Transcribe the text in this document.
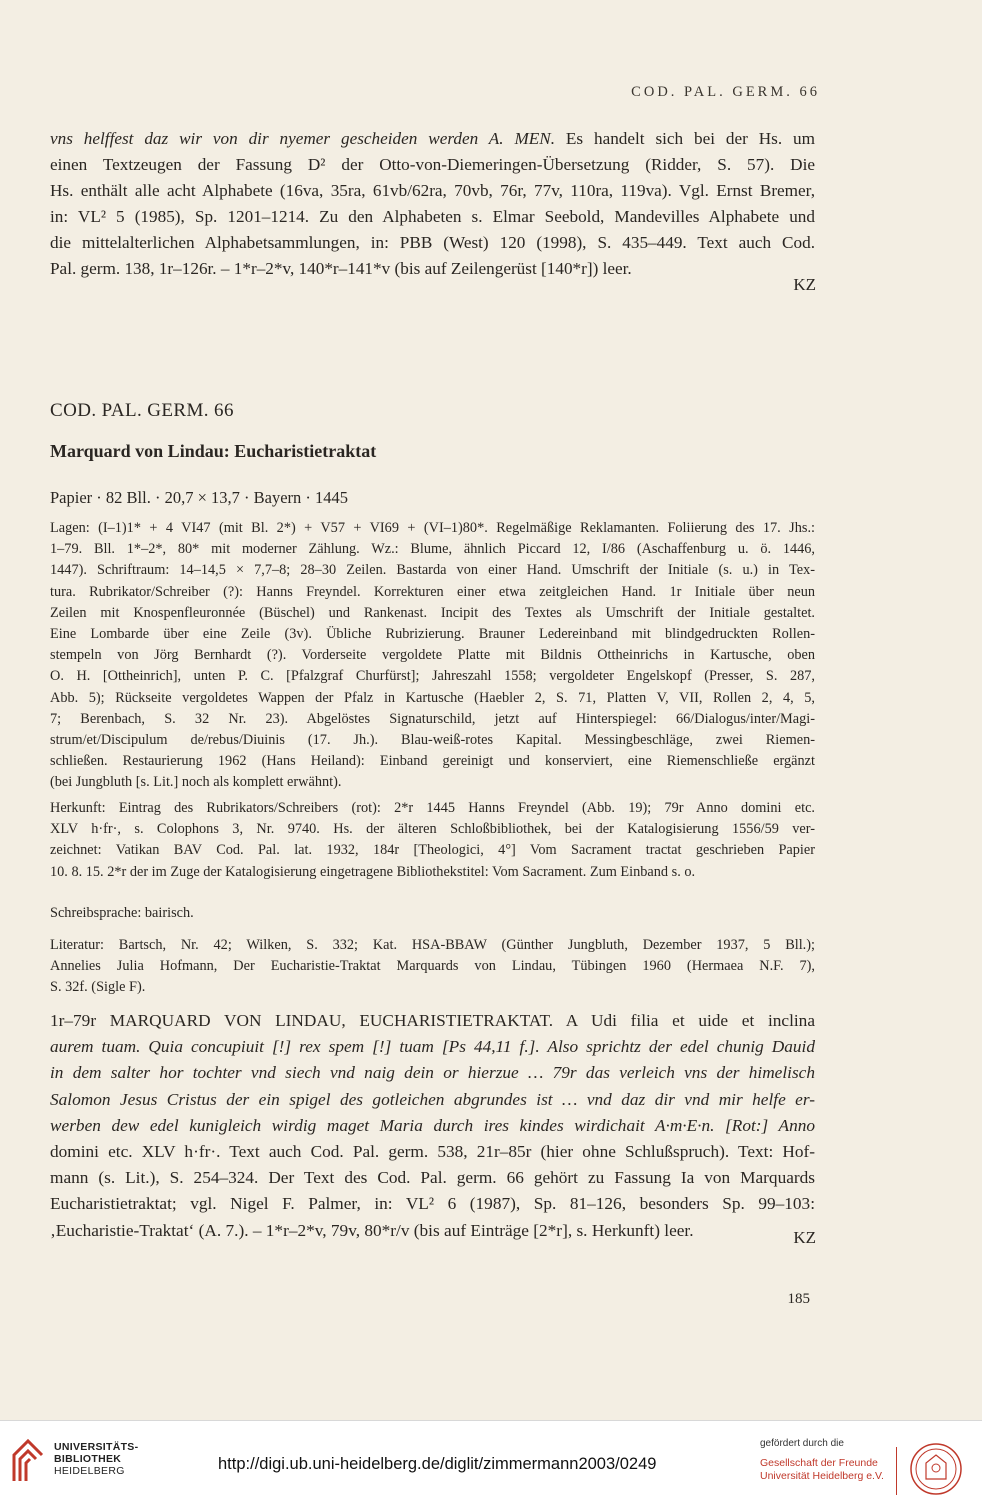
COD. PAL. GERM. 66
vns helffest daz wir von dir nyemer gescheiden werden A. MEN. Es handelt sich bei der Hs. um
einen Textzeugen der Fassung D² der Otto-von-Diemeringen-Übersetzung (Ridder, S. 57). Die
Hs. enthält alle acht Alphabete (16va, 35ra, 61vb/62ra, 70vb, 76r, 77v, 110ra, 119va). Vgl. Ernst Bremer,
in: VL² 5 (1985), Sp. 1201–1214. Zu den Alphabeten s. Elmar Seebold, Mandevilles Alphabete und
die mittelalterlichen Alphabetsammlungen, in: PBB (West) 120 (1998), S. 435–449. Text auch Cod.
Pal. germ. 138, 1r–126r. – 1*r–2*v, 140*r–141*v (bis auf Zeilengerüst [140*r]) leer.
KZ
COD. PAL. GERM. 66
Marquard von Lindau: Eucharistietraktat
Papier · 82 Bll. · 20,7 × 13,7 · Bayern · 1445
Lagen: (I–1)1* + 4 VI47 (mit Bl. 2*) + V57 + VI69 + (VI–1)80*. Regelmäßige Reklamanten. Foliierung des 17. Jhs.:
1–79. Bll. 1*–2*, 80* mit moderner Zählung. Wz.: Blume, ähnlich Piccard 12, I/86 (Aschaffenburg u. ö. 1446,
1447). Schriftraum: 14–14,5 × 7,7–8; 28–30 Zeilen. Bastarda von einer Hand. Umschrift der Initiale (s. u.) in Tex-
tura. Rubrikator/Schreiber (?): Hanns Freyndel. Korrekturen einer etwa zeitgleichen Hand. 1r Initiale über neun
Zeilen mit Knospenfleuronnée (Büschel) und Rankenast. Incipit des Textes als Umschrift der Initiale gestaltet.
Eine Lombarde über eine Zeile (3v). Übliche Rubrizierung. Brauner Ledereinband mit blindgedruckten Rollen-
stempeln von Jörg Bernhardt (?). Vorderseite vergoldete Platte mit Bildnis Ottheinrichs in Kartusche, oben
O. H. [Ottheinrich], unten P. C. [Pfalzgraf Churfürst]; Jahreszahl 1558; vergoldeter Engelskopf (Presser, S. 287,
Abb. 5); Rückseite vergoldetes Wappen der Pfalz in Kartusche (Haebler 2, S. 71, Platten V, VII, Rollen 2, 4, 5,
7; Berenbach, S. 32 Nr. 23). Abgelöstes Signaturschild, jetzt auf Hinterspiegel: 66/Dialogus/inter/Magi-
strum/et/Discipulum de/rebus/Diuinis (17. Jh.). Blau-weiß-rotes Kapital. Messingbeschläge, zwei Riemen-
schließen. Restaurierung 1962 (Hans Heiland): Einband gereinigt und konserviert, eine Riemenschließe ergänzt
(bei Jungbluth [s. Lit.] noch als komplett erwähnt).
Herkunft: Eintrag des Rubrikators/Schreibers (rot): 2*r 1445 Hanns Freyndel (Abb. 19); 79r Anno domini etc.
XLV h·fr·, s. Colophons 3, Nr. 9740. Hs. der älteren Schloßbibliothek, bei der Katalogisierung 1556/59 ver-
zeichnet: Vatikan BAV Cod. Pal. lat. 1932, 184r [Theologici, 4°] Vom Sacrament tractat geschrieben Papier
10. 8. 15. 2*r der im Zuge der Katalogisierung eingetragene Bibliothekstitel: Vom Sacrament. Zum Einband s. o.
Schreibsprache: bairisch.
Literatur: Bartsch, Nr. 42; Wilken, S. 332; Kat. HSA-BBAW (Günther Jungbluth, Dezember 1937, 5 Bll.);
Annelies Julia Hofmann, Der Eucharistie-Traktat Marquards von Lindau, Tübingen 1960 (Hermaea N.F. 7),
S. 32f. (Sigle F).
1r–79r MARQUARD VON LINDAU, EUCHARISTIETRAKTAT. A Udi filia et uide et inclina
aurem tuam. Quia concupiuit [!] rex spem [!] tuam [Ps 44,11 f.]. Also sprichtz der edel chunig Dauid
in dem salter hor tochter vnd siech vnd naig dein or hierzue … 79r das verleich vns der himelisch
Salomon Jesus Cristus der ein spigel des gotleichen abgrundes ist … vnd daz dir vnd mir helfe er-
werben dew edel kunigleich wirdig maget Maria durch ires kindes wirdichait A·m·E·n. [Rot:] Anno
domini etc. XLV h·fr·. Text auch Cod. Pal. germ. 538, 21r–85r (hier ohne Schlußspruch). Text: Hof-
mann (s. Lit.), S. 254–324. Der Text des Cod. Pal. germ. 66 gehört zu Fassung Ia von Marquards
Eucharistietraktat; vgl. Nigel F. Palmer, in: VL² 6 (1987), Sp. 81–126, besonders Sp. 99–103:
‚Eucharistie-Traktat‘ (A. 7.). – 1*r–2*v, 79v, 80*r/v (bis auf Einträge [2*r], s. Herkunft) leer.	KZ
185
UNIVERSITÄTS-
BIBLIOTHEK
HEIDELBERG	http://digi.ub.uni-heidelberg.de/diglit/zimmermann2003/0249
gefördert durch die
Gesellschaft der Freunde
Universität Heidelberg e.V.
